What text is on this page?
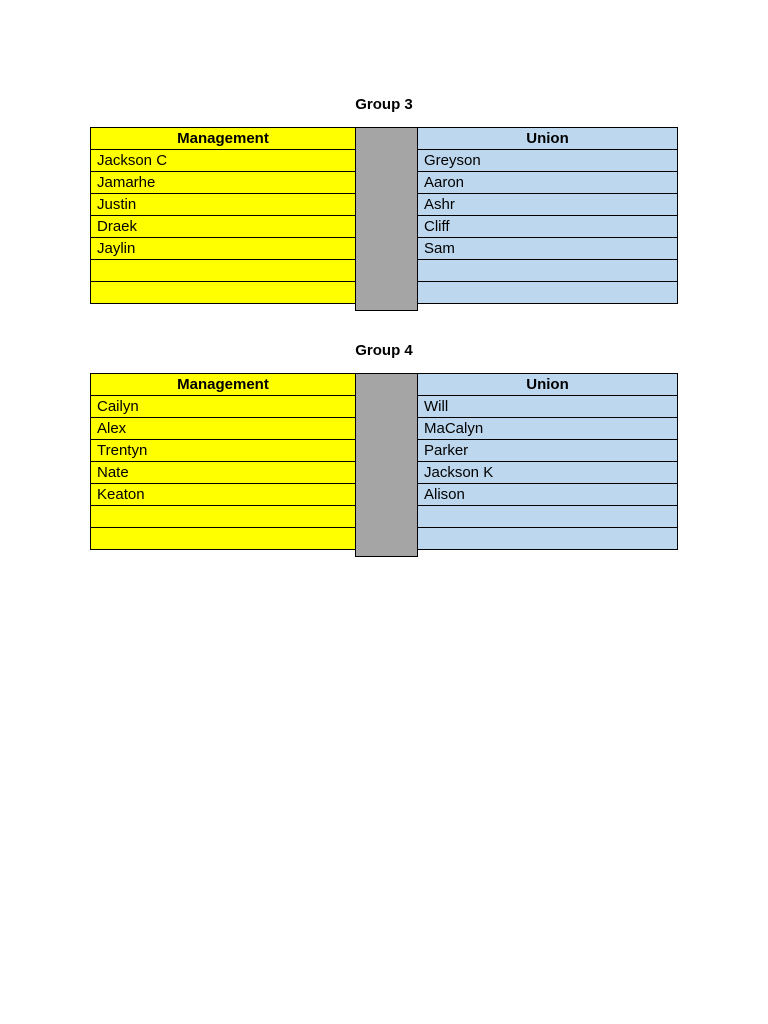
Group 3
Management
Jackson C
Jamarhe
Justin
Draek
Jaylin
Union
Greyson
Aaron
Ashr
Cliff
Sam
Group 4
Management
Cailyn
Alex
Trentyn
Nate
Keaton
Union
Will
MaCalyn
Parker
Jackson K
Alison
